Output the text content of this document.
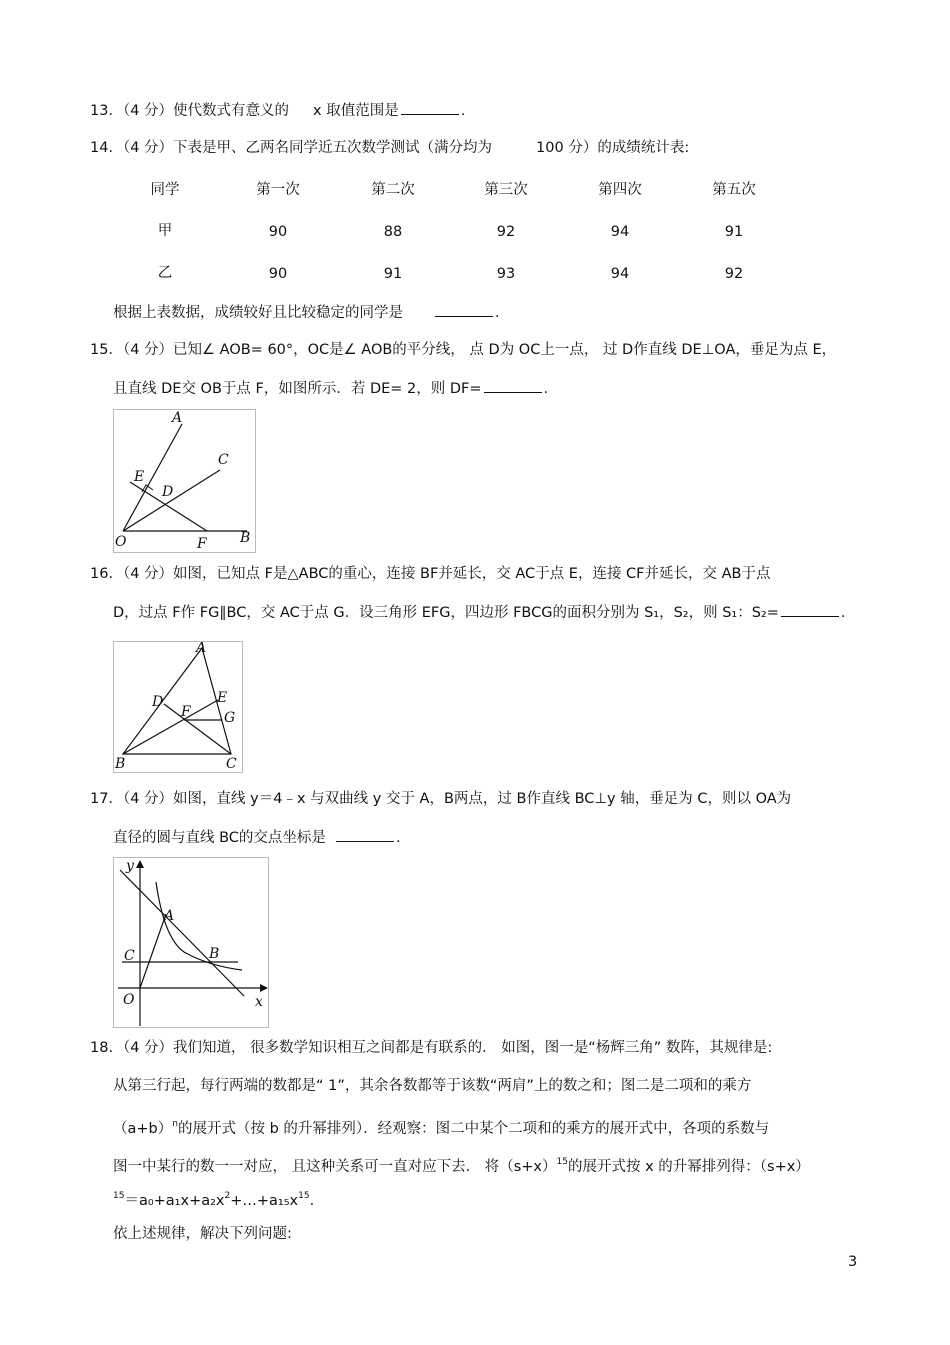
13．（4 分）使代数式有意义的 x 取值范围是	.
14．（4 分）下表是甲、乙两名同学近五次数学测试（满分均为	100 分）的成绩统计表:
同学	第一次	第二次	第三次	第四次	第五次
甲	90	88	92	94	91
乙	90	91	93	94	92
根据上表数据，成绩较好且比较稳定的同学是	.
15．（4 分）已知∠ AOB= 60°，OC是∠ AOB的平分线， 点 D为 OC上一点， 过 D作直线 DE⊥OA，垂足为点 E，
且直线 DE交 OB于点 F，如图所示．若 DE= 2，则 DF=	.
A
C
E
D
O	F B
16．（4 分）如图，已知点 F是△ABC的重心，连接 BF并延长，交 AC于点 E，连接 CF并延长，交 AB于点
D，过点 F作 FG∥BC，交 AC于点 G．设三角形 EFG，四边形 FBCG的面积分别为 S₁，S₂，则 S₁：S₂=	.
A
D	E
F G
B	C
17．（4 分）如图，直线 y＝4﹣x 与双曲线 y 交于 A，B两点，过 B作直线 BC⊥y 轴，垂足为 C，则以 OA为
直径的圆与直线 BC的交点坐标是	.
y
A
C	B
O	x
18．（4 分）我们知道， 很多数学知识相互之间都是有联系的． 如图，图一是“杨辉三角” 数阵，其规律是:
从第三行起，每行两端的数都是“ 1”，其余各数都等于该数“两肩”上的数之和；图二是二项和的乘方
$(a+b)^n$的展开式（按 b 的升幂排列）．经观察：图二中某个二项和的乘方的展开式中，各项的系数与
图一中某行的数一一对应， 且这种关系可一直对应下去． 将$(s+x)^{15}$的展开式按 x 的升幂排列得：（s+x）
$^{15}=a_0+a_1x+a_2x^2+\dots+a_{15}x^{15}$.
依上述规律，解决下列问题:
3
